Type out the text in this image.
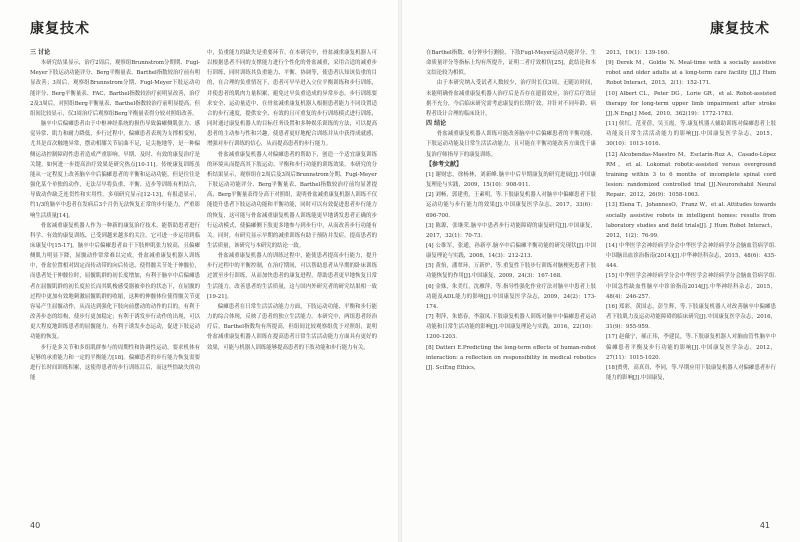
康复技术

三 讨论

本研究结果显示，治疗2周后，观察组Brunnstrom分期期、Fugl-Meyer下肢运动功能评分、Berg平衡量表、Barthel指数较治疗前有明显改善；3周后，观察组Brunnstrom分期、Fugl-Meyer下肢运动功能评分、Berg平衡量表、FAC、Barthel指数较治疗前明显改善，治疗2及3周后，对照组Berg平衡量表、Barthel指数较治疗前明显提高，但组间比较显示，仅3周治疗后观察组Berg平衡量表得分较对照组改善。

脑卒中后偏瘫患者由于中枢神经系统的损伤导致偏瘫侧肌张力、感觉异常、肌力和耐力降低，步行过程中，偏瘫患者表现为支撑相变短，尤其是首次触地异常，摆动相膝关节屈曲不足，足尖拖地等，是一种偏侧运动控制障碍性患者造成严重影响。早期、及时、有效的康复治疗是关键，如何进一步提高治疗效果是研究热点[10-11]。传统康复训练虽能从一定程度上改善脑卒中后偏瘫患者的平衡和运动功能，但是往往是强化某个单独的动作，无法尽早将负重、平衡、迈步等训练有机结合，导致动作缺乏连贯性和实用性。多项研究显示[12-13]，有报道显示，约1/3的脑卒中患者在发病后3个月仍无法恢复正常的步行能力，严重影响生活质量[14]。

骨盆减重康复机器人作为一种新的康复治疗技术，能帮助患者进行科学、有效的康复训练，已受到越来越多的关注。它可进一步运用到临床康复中[15-17]，脑卒中后偏瘫患者由于下肢伸肌张力较高，且偏瘫侧肌力明显下降，屈髋动作常常难以完成。骨盆减重康复机器人训练中，骨盆位置相对固定而传动带的向后传送，使得髋关节处于伸髋位，而患者处于伸髋位时，屈髋肌群的初长度增加，有利于脑卒中后偏瘫患者在屈髋肌群的初长度拉长而其肌梭感受器被牵拉的状态下，在屈髋的过程中更加有效地刺激屈髋肌群的收缩，这种的伸髋体位使得髋关节更容易产生屈髋动作，从而达到强化下肢向前摆动的动作的目的，有利于改善步态的结构，使步行更加稳定；有利于诱发步行动作的出现，可以更大程度地训练患者的屈髋能力，有利于诱发步态运动，促进下肢运动功能的恢复。

步行是多关节和多组肌群参与的周期性和协调性运动，要求机体有足够的承重能力和一定的平衡能力[18]。偏瘫患者的步行能力恢复需要进行长时间训练积累，这使得患者的步行训练目后，而这些恰缺失的功能

中，负重能力的缺失是重要环节。在本研究中，骨盆减重康复机器人可以根据患者不同的支撑能力进行个性化的骨盆减重，采用合适的减重步行训练，同时训练其负重能力、平衡、协调等，使患者认知该负重的目的，在合理的负重情况下，患者可早早进入立位平衡训练和步行训练，并使患者的肌肉力量积累，避免过早负重造成的异常步态。步行训练要求安全、运动量适中，在骨盆减重康复机器人根据患者能力不同设置适合的步行速度，提供安全、有效的且可重复的步行训练模式进行训练，同时通过康复机器人的目标任务设置和多种娱乐训练的方法，可以提高患者的主动参与性和兴趣，使患者更好地配合训练并从中获得成就感，增强对步行训练的信心，从而提高患者的步行能力。

骨盆减重康复机器人对偏瘫患者的帮助下，创造一个适宜康复训练的环境从而提高其下肢运动、平衡和步行功能的训练效果。本研究的分析结果显示，观察组在2周后及3周后Brunnstrom分期、Fugl-Meyer下肢运动功能评分、Berg平衡量表、Barthel指数较治疗前均显著提高，Berg平衡量表得分高于对照组，说明骨盆减重康复机器人训练不仅能提升患者下肢运动功能和平衡功能，同时可以有效促进患者步行能力的恢复，这可能与骨盆减重康复机器人训练能更早地诱发患者正确的步行运动模式，使偏瘫侧下肢更多地参与到步行中，从而改善步行功能有关。同时，有研究显示早期的减重训练有助于预防并发症，提高患者的生活质量，该研究与本研究的结论一致。

骨盆减重康复机器人的训练过程中，能使患者提高步行能力，提升步行过程中的平衡控制，在治疗期间，可以帮助患者从早期的卧床训练过渡至步行训练，从而加快患者的康复进程，帮助患者更早地恢复日常生活能力，改善患者的生活质量，这与国内外研究者的研究结果相一致[19-21]。

偏瘫患者在日常生活活动能力方面，下肢运动功能、平衡和步行能力的综合体现，反映了患者的独立生活能力。本研究中，两组患者经治疗后，Barthel指数均有所提高，但组间比较观察组优于对照组，说明骨盆减重康复机器人训练在提高患者日常生活活动能力方面具有更好的效果，可能与机器人训练能够提高患者的下肢功能和步行能力有关。

40
康复技术
41

在Barthel指数、6分钟步行测验、下肢Fugl-Meyer运动功能评分、生命质量评分等指标上均有所提升，证明二者疗效相仿[25]，此结论和本文结论较为相似。

由于本研究纳入受试者人数较少，治疗时长仅3周，无随访时间，未能明确骨盆减重康复机器人治疗后是否存在遗留效应，治疗后疗效证据不充分，今后临床研究需考虑康复的长期疗效，并针对不同年龄、病程者设计合理的临床设计。

四 结论

骨盆减重康复机器人训练可能改善脑卒中后偏瘫患者的平衡功能、下肢运动功能及日常生活活动能力，且可能在平衡功能改善方面优于康复治疗师指导下的康复训练。

【参考文献】

[1] 谢财忠，徐杨林，刘新峰.脑卒中后早期康复的研究进展[J].中国康复理论与实践，2009，15(10)：908-911.

[2] 刘畅，郭建勇，王素明，等.下肢康复机器人对脑卒中偏瘫患者下肢运动功能与步行能力的效果[J].中国康复医学杂志，2017，33(6)：696-700.

[3] 陈源，张继荣.脑卒中患者步行功能障碍的康复研究[J].中国康复，2017，32(1)：70-73.

[4] 公维军，张通，孙新亭.脑卒中后偏瘫平衡功能的研究现状[J].中国康复理论与实践，2008，14(3)：212-213.

[5] 黄怡，潘翠环，万新炉，等.重复性下肢步行训练对脑梗死患者下肢功能恢复的作用[J].中国康复，2009，24(3)：167-168.

[6] 金姝，朱美红，沈雁萍，等.指导性强化作业疗法对脑卒中患者上肢功能及ADL能力的影响[J].中国康复医学杂志，2009，24(2)：173-174.

[7] 利萍，朱德春，李淑凤.下肢康复机器人训练对脑卒中偏瘫患者运动功能和日常生活功能的影响[J].中国康复理论与实践，2016，22(10)：1200-1203.

[8] Datteri E.Predicting the long-term effects of human-robot interaction: a reflection on responsibility in medical robotics [J]. SciEng Ethics，

2013，19(1)：139-160.

[9] Derek M，Goldie N. Meal-time with a socially assistive robot and older adults at a long-term care facility [J].J Hum Robot Interact，2013，2(1)：152-171.

[10] Albert CL，Peter DG，Lorie GR，et al. Robot-assisted therapy for long-term upper limb impairment after stroke [J].N Engl J Med，2010，362(19)：1772-1783.

[11] 侯红，范亚蓓，吴玉霞，等.康复机器人辅助训练对偏瘫患者上肢功能及日常生活活动能力的影响[J].中国康复医学杂志，2015，30(10)：1013-1016.

[12] Alcobendas-Maestro M，Esclarín-Ruz A，Casado-López RM，et al. Lokomat robotic-assisted versus overground training within 3 to 6 months of incomplete spinal cord lesion: randomized controlled trial [J].Neurorehabil Neural Repair，2012，26(9)：1058-1063.

[13] Elena T，JohannesO，Franz W，et al. Attitudes towards socially assistive robots in intelligent homes: results from laboratory studies and field trials[J]. J Hum Robot Interact，2012，1(2)：76-99.

[14] 中华医学会神经病学分会中华医学会神经病学分会脑血管病学组.中国脑出血诊治指南(2014)[J].中华神经科杂志，2015，48(6)：435-444.

[15] 中华医学会神经病学分会中华医学会神经病学分会脑血管病学组.中国急性缺血性脑卒中诊治指南2014[J].中华神经科杂志，2015，48(4)：246-257.

[16] 郑彩，黄国志，彭生辉，等.下肢康复机器人对改善脑卒中偏瘫患者下肢肌力及运动功能障碍的临床研究[J].中国康复医学杂志，2016，31(9)：955-959.

[17] 赵薇宁，郝正玮，李建民，等.下肢康复机器人对脑血管性脑卒中偏瘫患者平衡及步行功能的影响[J].中国康复医学杂志，2012，27(11)：1015-1020.

[18]贾勇，高真真，李同，等.早期应用下肢康复机器人对偏瘫患者步行能力的影响[J].中国康复，
